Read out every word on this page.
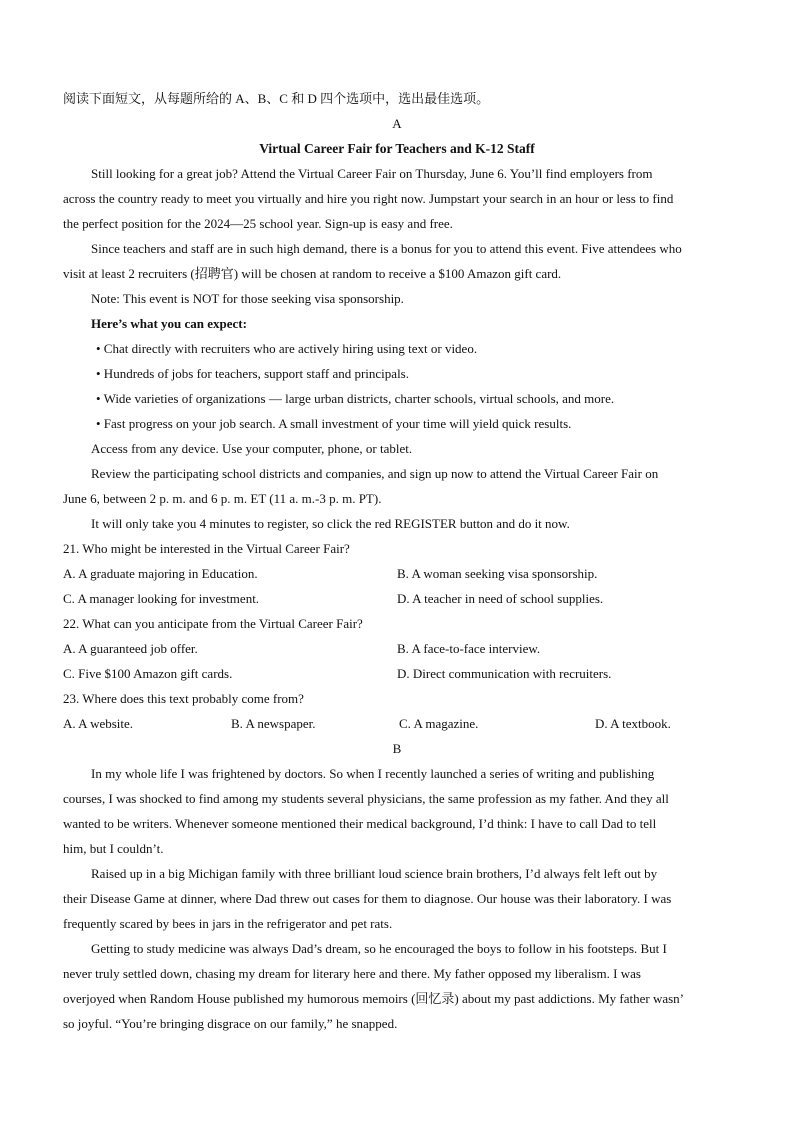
阅读下面短文，从每题所给的 A、B、C 和 D 四个选项中，选出最佳选项。
A
Virtual Career Fair for Teachers and K-12 Staff
Still looking for a great job? Attend the Virtual Career Fair on Thursday, June 6. You’ll find employers from
across the country ready to meet you virtually and hire you right now. Jumpstart your search in an hour or less to find
the perfect position for the 2024—25 school year. Sign-up is easy and free.
Since teachers and staff are in such high demand, there is a bonus for you to attend this event. Five attendees who
visit at least 2 recruiters (招聘官) will be chosen at random to receive a $100 Amazon gift card.
Note: This event is NOT for those seeking visa sponsorship.
Here’s what you can expect:
• Chat directly with recruiters who are actively hiring using text or video.
• Hundreds of jobs for teachers, support staff and principals.
• Wide varieties of organizations — large urban districts, charter schools, virtual schools, and more.
• Fast progress on your job search. A small investment of your time will yield quick results.
Access from any device. Use your computer, phone, or tablet.
Review the participating school districts and companies, and sign up now to attend the Virtual Career Fair on
June 6, between 2 p. m. and 6 p. m. ET (11 a. m.-3 p. m. PT).
It will only take you 4 minutes to register, so click the red REGISTER button and do it now.
21. Who might be interested in the Virtual Career Fair?
A. A graduate majoring in Education.	B. A woman seeking visa sponsorship.
C. A manager looking for investment.	D. A teacher in need of school supplies.
22. What can you anticipate from the Virtual Career Fair?
A. A guaranteed job offer.	B. A face-to-face interview.
C. Five $100 Amazon gift cards.	D. Direct communication with recruiters.
23. Where does this text probably come from?
A. A website.	B. A newspaper.	C. A magazine.	D. A textbook.
B
In my whole life I was frightened by doctors. So when I recently launched a series of writing and publishing
courses, I was shocked to find among my students several physicians, the same profession as my father. And they all
wanted to be writers. Whenever someone mentioned their medical background, I’d think: I have to call Dad to tell
him, but I couldn’t.
Raised up in a big Michigan family with three brilliant loud science brain brothers, I’d always felt left out by
their Disease Game at dinner, where Dad threw out cases for them to diagnose. Our house was their laboratory. I was
frequently scared by bees in jars in the refrigerator and pet rats.
Getting to study medicine was always Dad’s dream, so he encouraged the boys to follow in his footsteps. But I
never truly settled down, chasing my dream for literary here and there. My father opposed my liberalism. I was
overjoyed when Random House published my humorous memoirs (回忆录) about my past addictions. My father wasn’
so joyful. “You’re bringing disgrace on our family,” he snapped.
